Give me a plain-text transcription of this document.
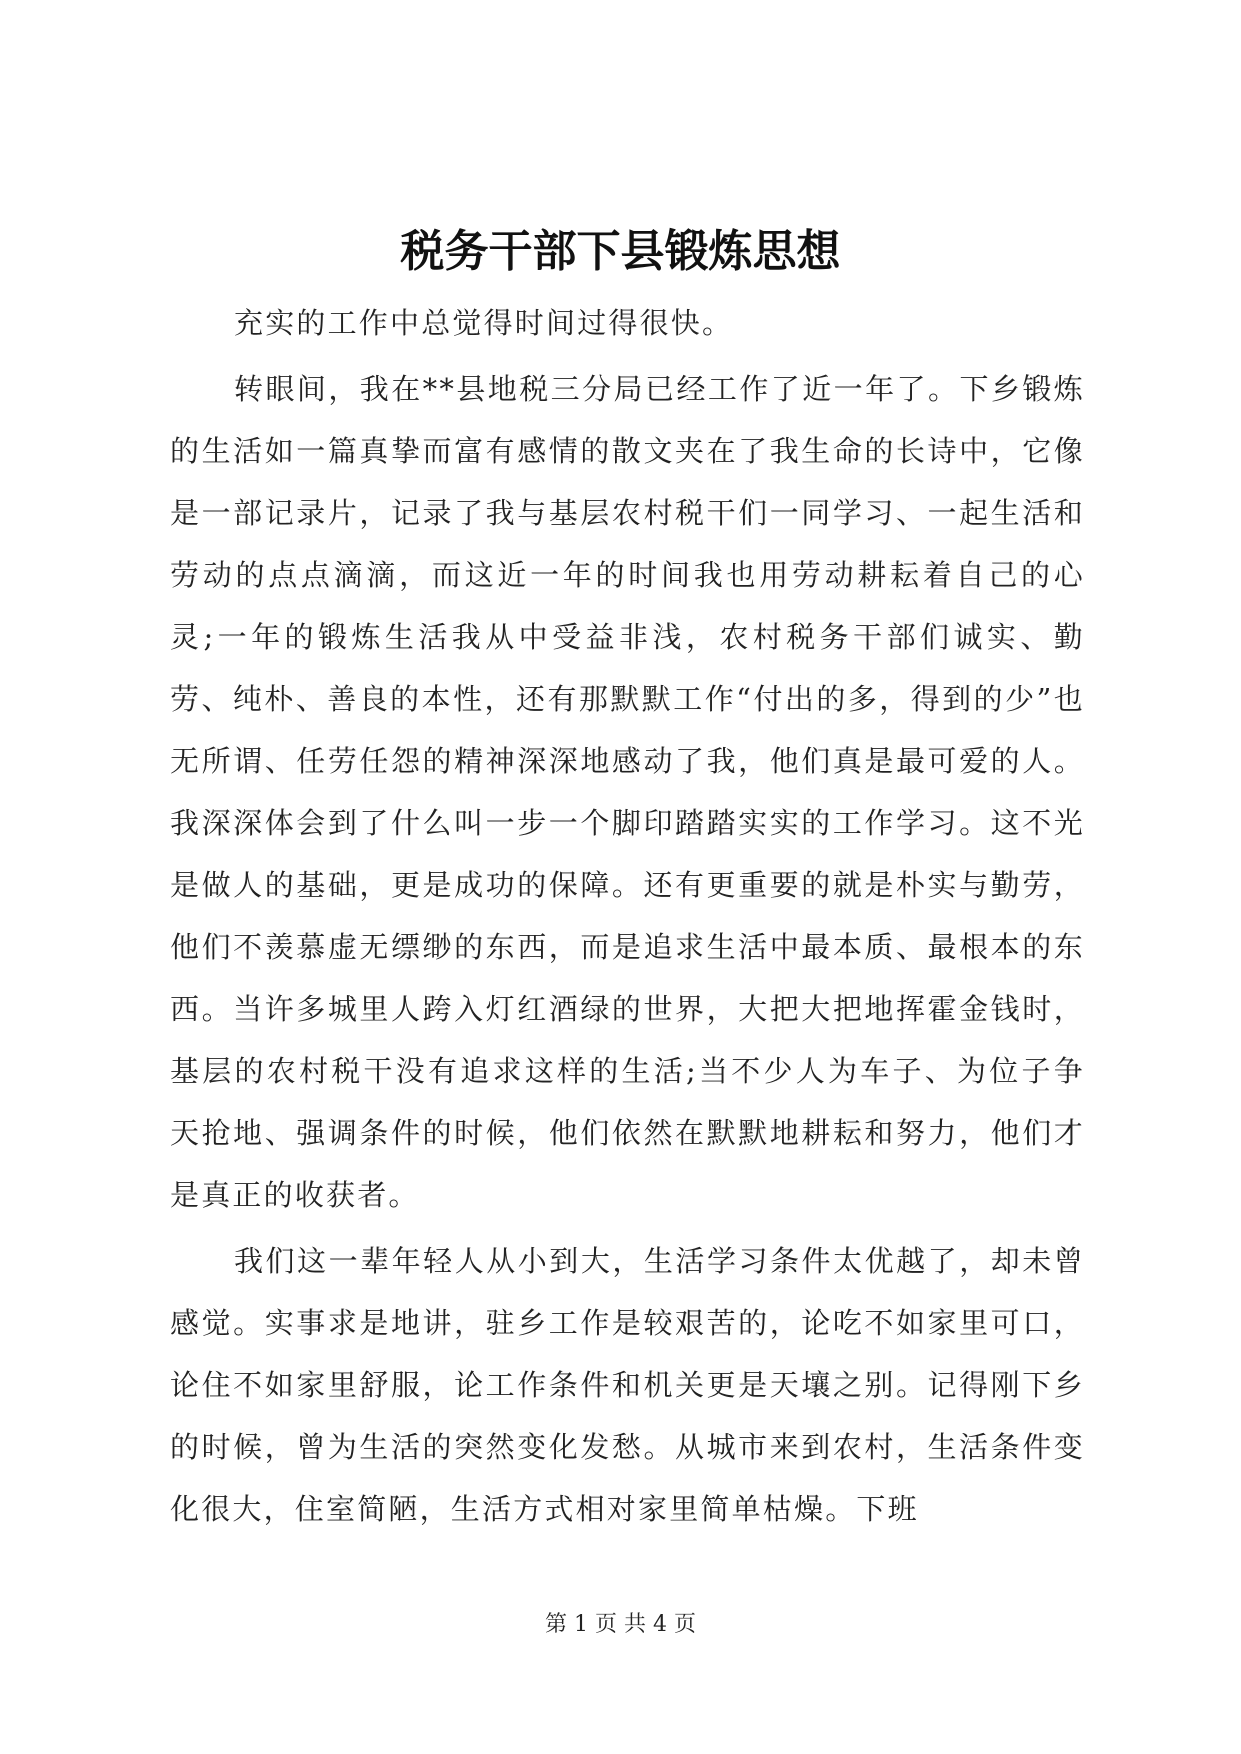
税务干部下县锻炼思想

充实的工作中总觉得时间过得很快。

转眼间，我在**县地税三分局已经工作了近一年了。下乡锻炼的生活如一篇真挚而富有感情的散文夹在了我生命的长诗中，它像是一部记录片，记录了我与基层农村税干们一同学习、一起生活和劳动的点点滴滴，而这近一年的时间我也用劳动耕耘着自己的心灵;一年的锻炼生活我从中受益非浅，农村税务干部们诚实、勤劳、纯朴、善良的本性，还有那默默工作“付出的多，得到的少”也无所谓、任劳任怨的精神深深地感动了我，他们真是最可爱的人。我深深体会到了什么叫一步一个脚印踏踏实实的工作学习。这不光是做人的基础，更是成功的保障。还有更重要的就是朴实与勤劳，他们不羡慕虚无缥缈的东西，而是追求生活中最本质、最根本的东西。当许多城里人跨入灯红酒绿的世界，大把大把地挥霍金钱时，基层的农村税干没有追求这样的生活;当不少人为车子、为位子争天抢地、强调条件的时候，他们依然在默默地耕耘和努力，他们才是真正的收获者。

我们这一辈年轻人从小到大，生活学习条件太优越了，却未曾感觉。实事求是地讲，驻乡工作是较艰苦的，论吃不如家里可口，论住不如家里舒服，论工作条件和机关更是天壤之别。记得刚下乡的时候，曾为生活的突然变化发愁。从城市来到农村，生活条件变化很大，住室简陋，生活方式相对家里简单枯燥。下班

第 1 页 共 4 页
